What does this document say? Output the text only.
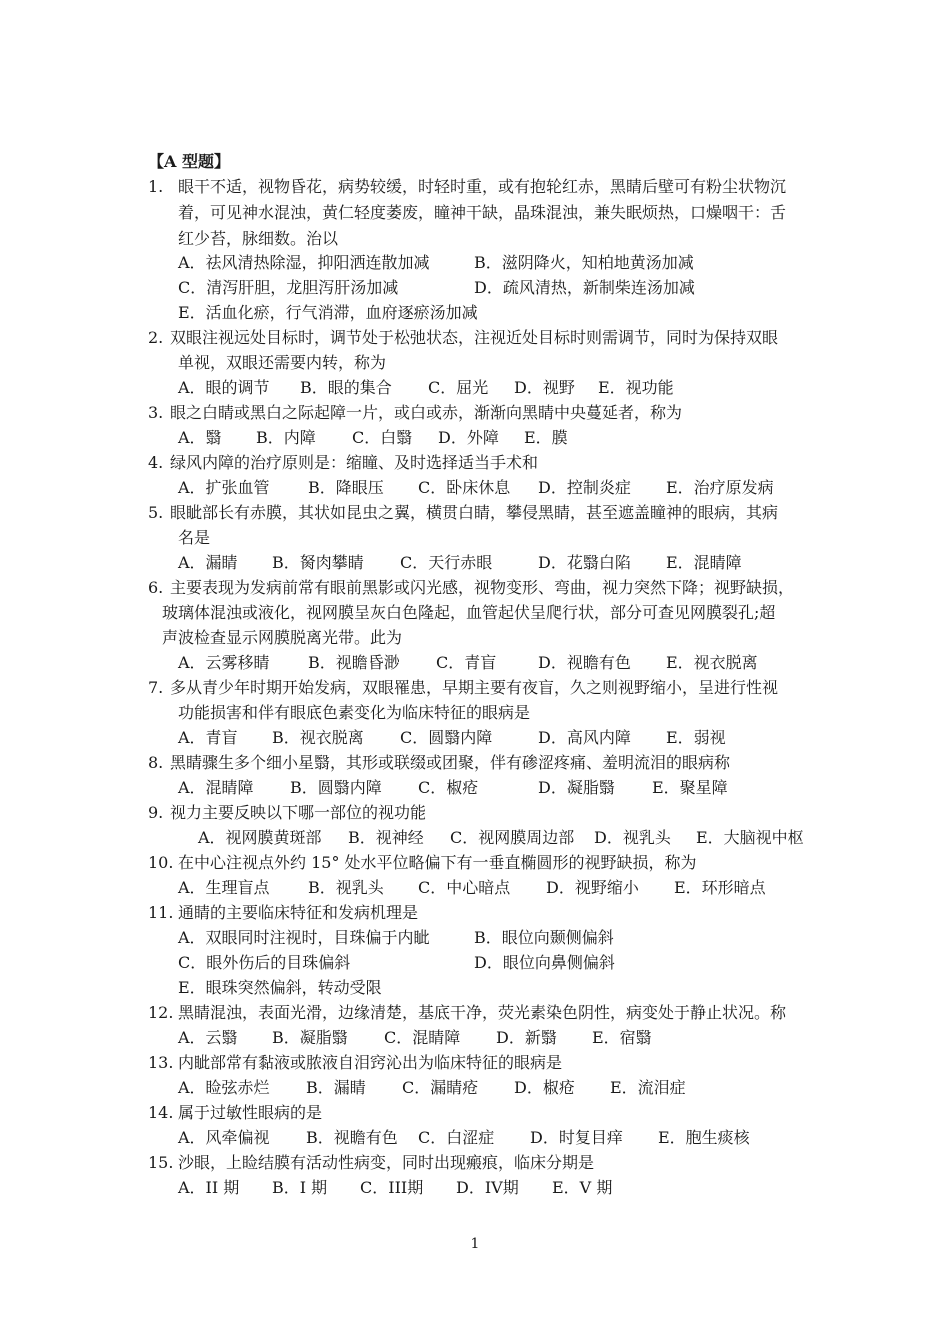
【A 型题】
1. 眼干不适，视物昏花，病势较缓，时轻时重，或有抱轮红赤，黑睛后壁可有粉尘状物沉
着，可见神水混浊，黄仁轻度萎废，瞳神干缺，晶珠混浊，兼失眠烦热，口燥咽干：舌
红少苔，脉细数。治以
A．祛风清热除湿，抑阳洒连散加减	B．滋阴降火，知柏地黄汤加减
C．清泻肝胆，龙胆泻肝汤加减	D．疏风清热，新制柴连汤加减
E．活血化瘀，行气消滞，血府逐瘀汤加减
2. 双眼注视远处目标时，调节处于松弛状态，注视近处目标时则需调节，同时为保持双眼
单视，双眼还需要内转，称为
A．眼的调节 B．眼的集合 C．屈光 D．视野 E．视功能
3. 眼之白睛或黑白之际起障一片，或白或赤，渐渐向黑睛中央蔓延者，称为
A．翳 B．内障 C．白翳 D．外障 E．膜
4. 绿风内障的治疗原则是：缩瞳、及时选择适当手术和
A．扩张血管 B．降眼压 C．卧床休息 D．控制炎症 E．治疗原发病
5. 眼眦部长有赤膜，其状如昆虫之翼，横贯白睛，攀侵黑睛，甚至遮盖瞳神的眼病，其病
名是
A．漏睛 B．胬肉攀睛 C．天行赤眼	D．花翳白陷 E．混睛障
6. 主要表现为发病前常有眼前黑影或闪光感，视物变形、弯曲，视力突然下降；视野缺损，
玻璃体混浊或液化，视网膜呈灰白色隆起，血管起伏呈爬行状，部分可查见网膜裂孔;超
声波检查显示网膜脱离光带。此为
A．云雾移睛 B．视瞻昏渺 C．青盲	D．视瞻有色 E．视衣脱离
7. 多从青少年时期开始发病，双眼罹患，早期主要有夜盲，久之则视野缩小，呈进行性视
功能损害和伴有眼底色素变化为临床特征的眼病是
A．青盲 B．视衣脱离 C．圆翳内障	D．高风内障 E．弱视
8. 黑睛骤生多个细小星翳，其形或联缀或团聚，伴有碜涩疼痛、羞明流泪的眼病称
A．混睛障 B．圆翳内障 C．椒疮	D．凝脂翳 E．聚星障
9. 视力主要反映以下哪一部位的视功能
A．视网膜黄斑部 B．视神经 C．视网膜周边部 D．视乳头 E．大脑视中枢
10. 在中心注视点外约 15° 处水平位略偏下有一垂直椭圆形的视野缺损，称为
A．生理盲点 B．视乳头 C．中心暗点 D．视野缩小 E．环形暗点
11. 通睛的主要临床特征和发病机理是
A．双眼同时注视时，目珠偏于内眦	B．眼位向颞侧偏斜
C．眼外伤后的目珠偏斜	D．眼位向鼻侧偏斜
E．眼珠突然偏斜，转动受限
12. 黑睛混浊，表面光滑，边缘清楚，基底干净，荧光素染色阴性，病变处于静止状况。称
A．云翳 B．凝脂翳 C．混睛障 D．新翳 E．宿翳
13. 内眦部常有黏液或脓液自泪窍沁出为临床特征的眼病是
A．睑弦赤烂 B．漏睛 C．漏睛疮 D．椒疮 E．流泪症
14. 属于过敏性眼病的是
A．风牵偏视 B．视瞻有色 C．白涩症 D．时复目痒 E．胞生痰核
15. 沙眼，上睑结膜有活动性病变，同时出现瘢痕，临床分期是
A．II 期 B．I 期 C．III期 D．IV期 E．V 期
1
